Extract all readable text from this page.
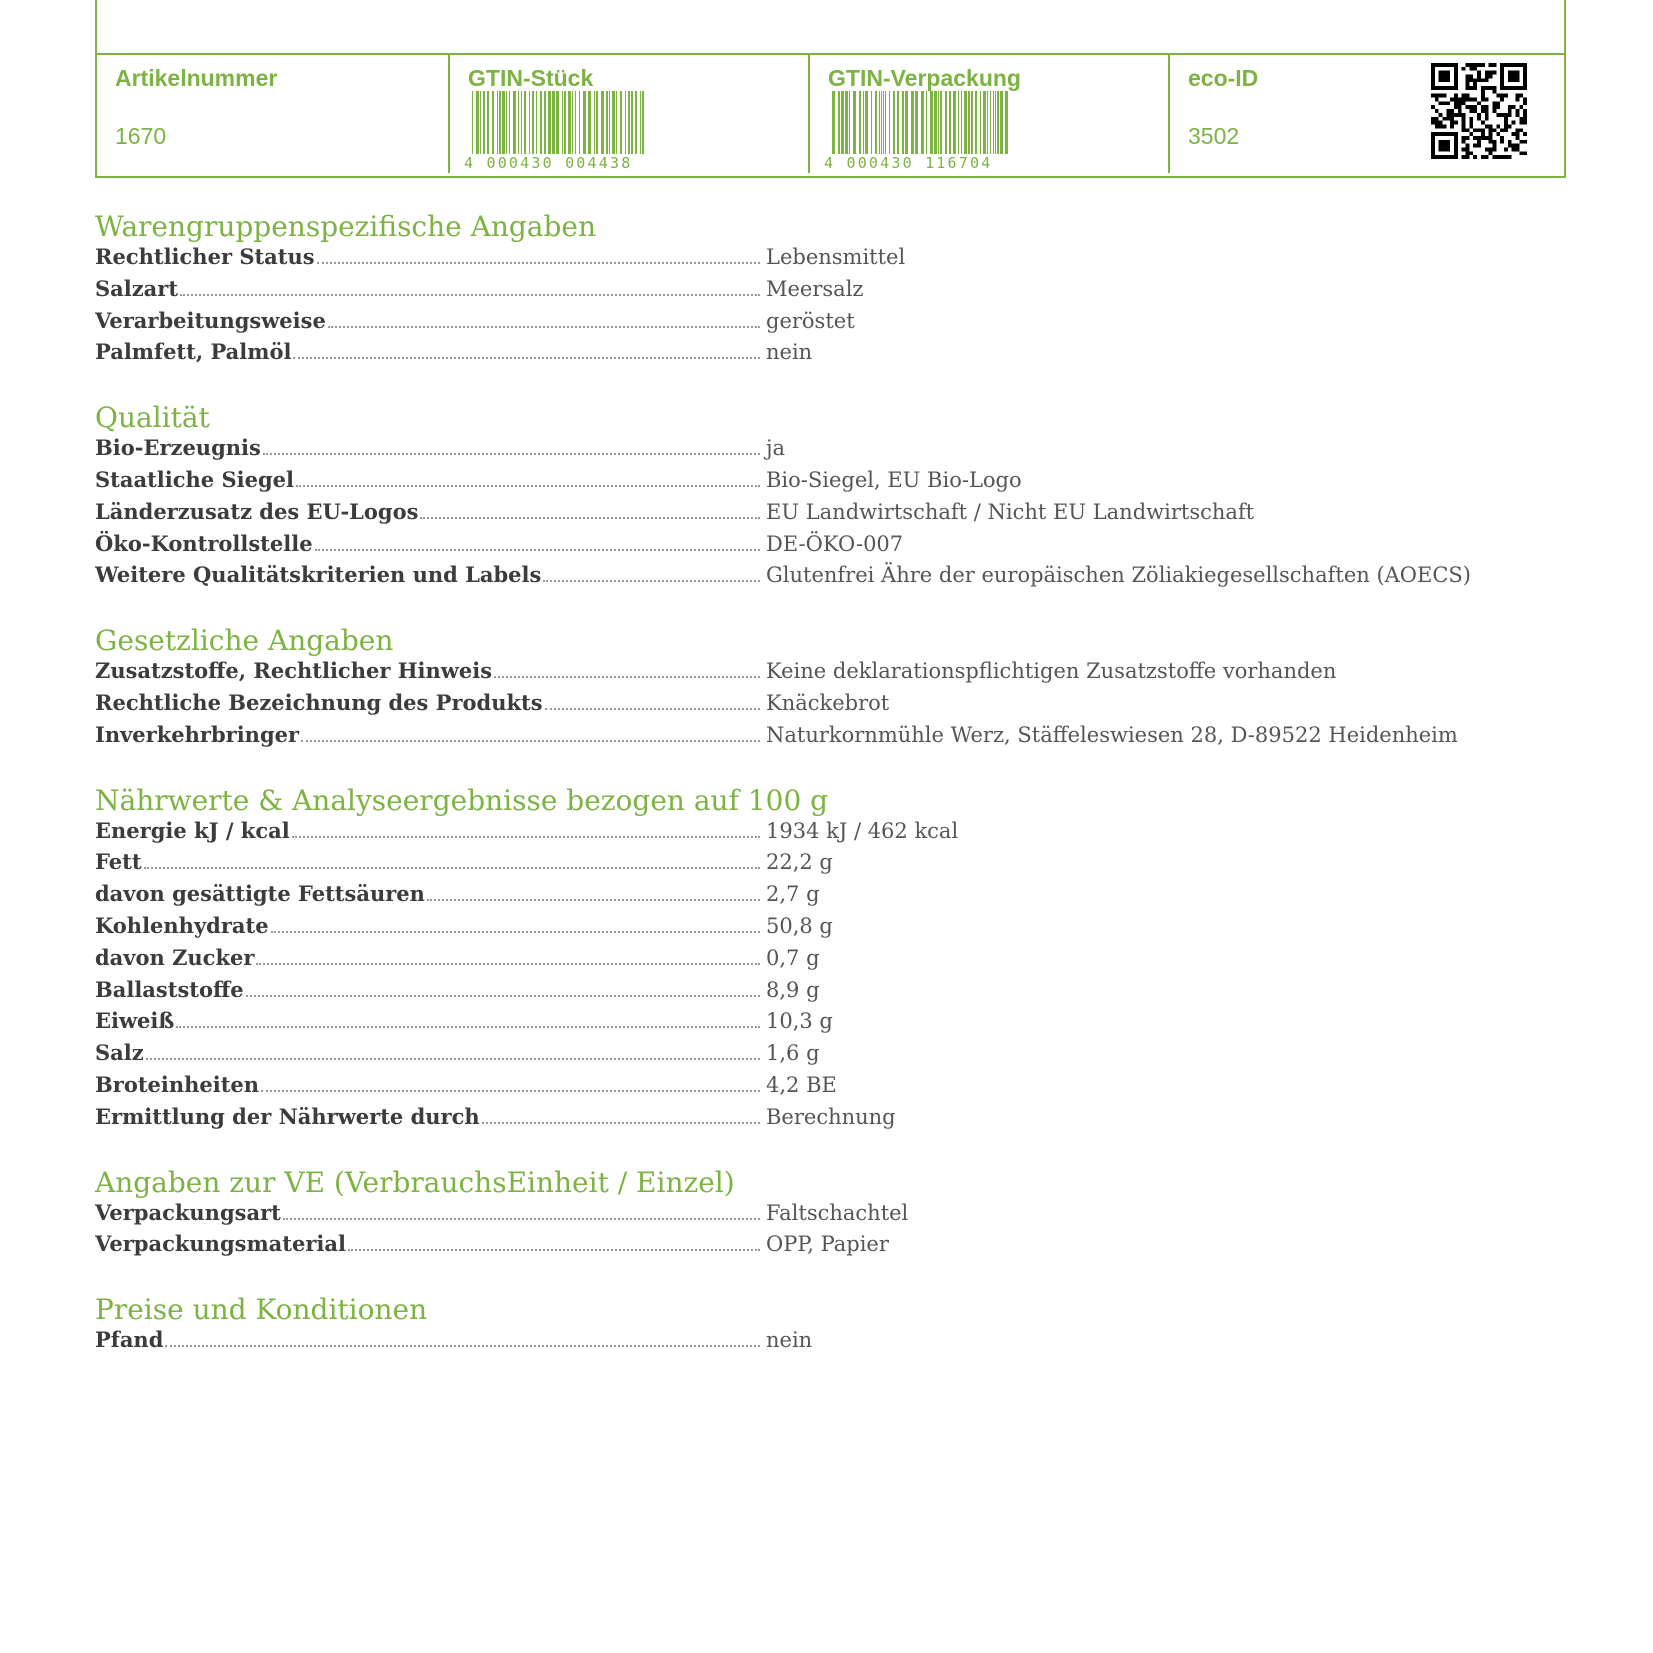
Artikelnummer
1670
GTIN-Stück
4 000430 004438
GTIN-Verpackung
4 000430 116704
eco-ID
3502
Warengruppenspezifische Angaben
Rechtlicher Status	Lebensmittel
Salzart	Meersalz
Verarbeitungsweise	geröstet
Palmfett, Palmöl	nein
Qualität
Bio-Erzeugnis	ja
Staatliche Siegel	Bio-Siegel, EU Bio-Logo
Länderzusatz des EU-Logos	EU Landwirtschaft / Nicht EU Landwirtschaft
Öko-Kontrollstelle	DE-ÖKO-007
Weitere Qualitätskriterien und Labels	Glutenfrei Ähre der europäischen Zöliakiegesellschaften (AOECS)
Gesetzliche Angaben
Zusatzstoffe, Rechtlicher Hinweis	Keine deklarationspflichtigen Zusatzstoffe vorhanden
Rechtliche Bezeichnung des Produkts	Knäckebrot
Inverkehrbringer	Naturkornmühle Werz, Stäffeleswiesen 28, D-89522 Heidenheim
Nährwerte & Analyseergebnisse bezogen auf 100 g
Energie kJ / kcal	1934 kJ / 462 kcal
Fett	22,2 g
davon gesättigte Fettsäuren	2,7 g
Kohlenhydrate	50,8 g
davon Zucker	0,7 g
Ballaststoffe	8,9 g
Eiweiß	10,3 g
Salz	1,6 g
Broteinheiten	4,2 BE
Ermittlung der Nährwerte durch	Berechnung
Angaben zur VE (VerbrauchsEinheit / Einzel)
Verpackungsart	Faltschachtel
Verpackungsmaterial	OPP, Papier
Preise und Konditionen
Pfand	nein
